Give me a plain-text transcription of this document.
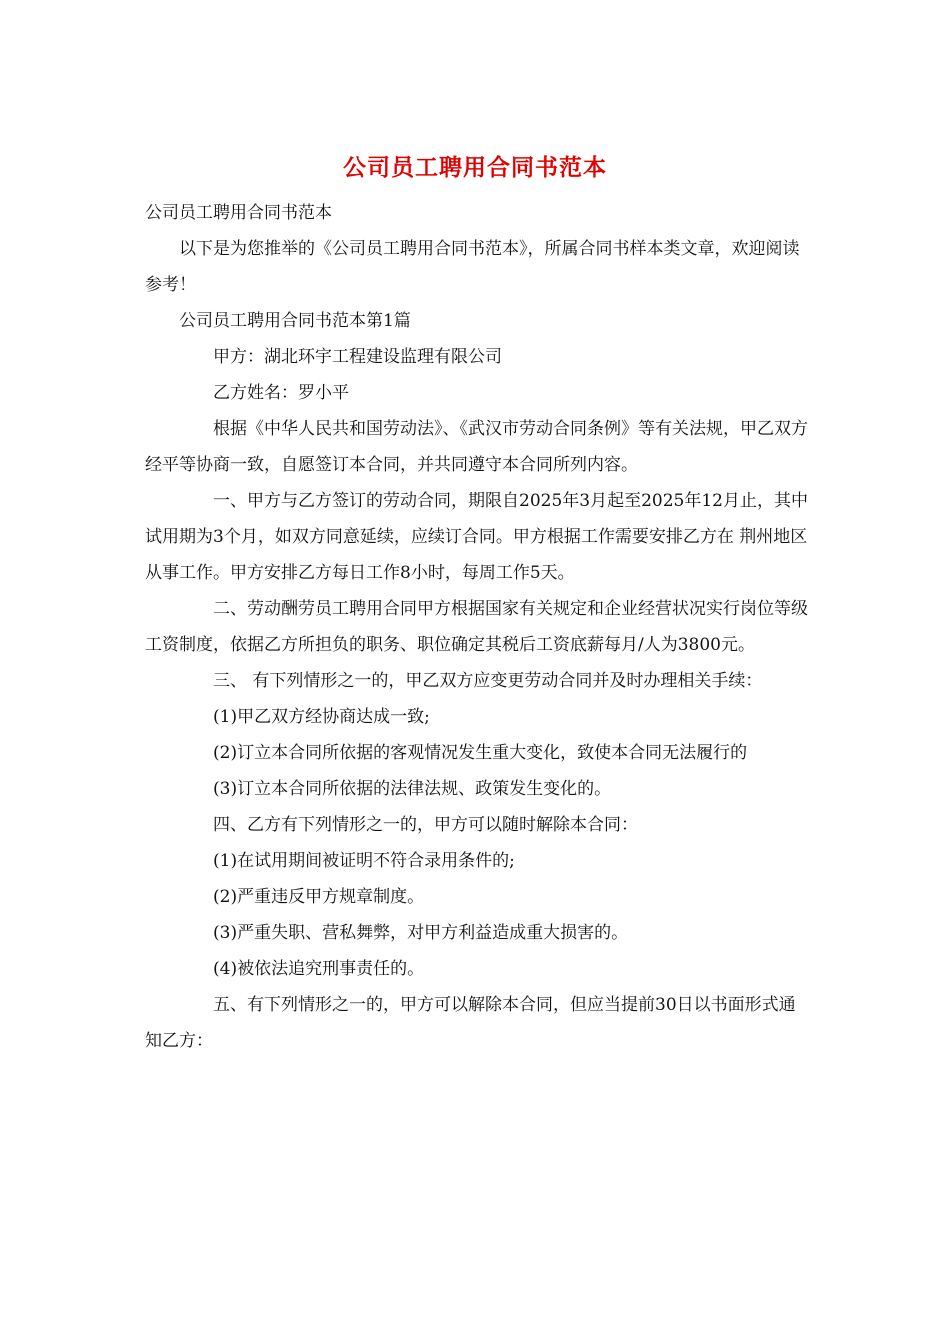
公司员工聘用合同书范本

公司员工聘用合同书范本

以下是为您推举的《公司员工聘用合同书范本》，所属合同书样本类文章，欢迎阅读参考！

公司员工聘用合同书范本第1篇

甲方：湖北环宇工程建设监理有限公司

乙方姓名：罗小平

根据《中华人民共和国劳动法》、《武汉市劳动合同条例》等有关法规，甲乙双方经平等协商一致，自愿签订本合同，并共同遵守本合同所列内容。

一、甲方与乙方签订的劳动合同，期限自2025年3月起至2025年12月止，其中试用期为3个月，如双方同意延续，应续订合同。甲方根据工作需要安排乙方在 荆州地区 从事工作。甲方安排乙方每日工作8小时，每周工作5天。

二、劳动酬劳员工聘用合同甲方根据国家有关规定和企业经营状况实行岗位等级工资制度，依据乙方所担负的职务、职位确定其税后工资底薪每月/人为3800元。

三、 有下列情形之一的，甲乙双方应变更劳动合同并及时办理相关手续：

(1)甲乙双方经协商达成一致;

(2)订立本合同所依据的客观情况发生重大变化，致使本合同无法履行的

(3)订立本合同所依据的法律法规、政策发生变化的。

四、乙方有下列情形之一的，甲方可以随时解除本合同：

(1)在试用期间被证明不符合录用条件的;

(2)严重违反甲方规章制度。

(3)严重失职、营私舞弊，对甲方利益造成重大损害的。

(4)被依法追究刑事责任的。

五、有下列情形之一的，甲方可以解除本合同，但应当提前30日以书面形式通知乙方：
